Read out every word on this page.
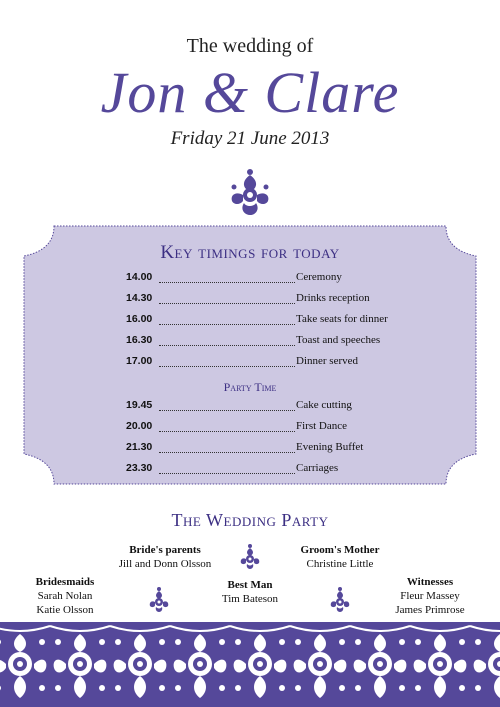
The wedding of
Jon & Clare
Friday 21 June 2013
Key timings for today
14.00	Ceremony
14.30	Drinks reception
16.00	Take seats for dinner
16.30	Toast and speeches
17.00	Dinner served
Party Time
19.45	Cake cutting
20.00	First Dance
21.30	Evening Buffet
23.30	Carriages
The Wedding Party
Bride's parents
Jill and Donn Olsson
Groom's Mother
Christine Little
Bridesmaids
Sarah Nolan
Katie Olsson
Best Man
Tim Bateson
Witnesses
Fleur Massey
James Primrose
